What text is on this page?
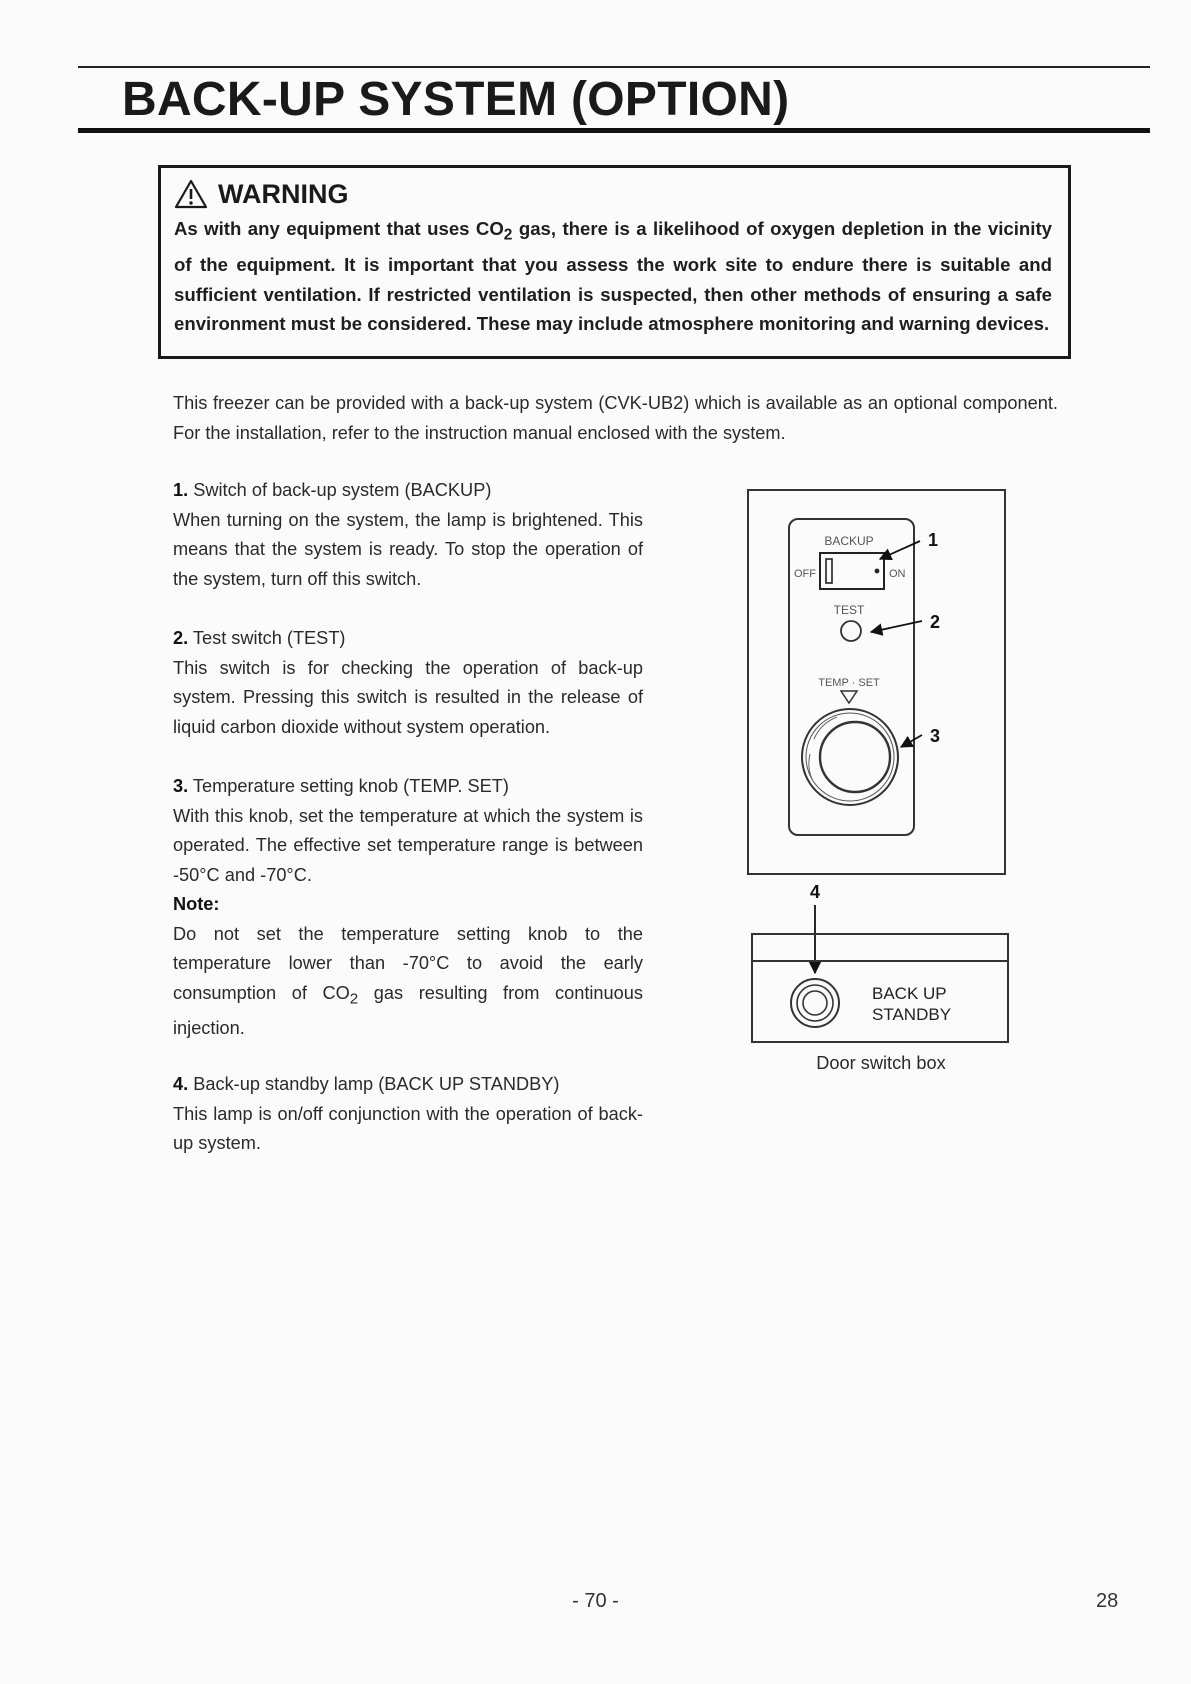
BACK-UP SYSTEM (OPTION)
WARNING
As with any equipment that uses $CO_2$ gas, there is a likelihood of oxygen depletion in the vicinity of the equipment. It is important that you assess the work site to endure there is suitable and sufficient ventilation. If restricted ventilation is suspected, then other methods of ensuring a safe environment must be considered. These may include atmosphere monitoring and warning devices.

This freezer can be provided with a back-up system (CVK-UB2) which is available as an optional component. For the installation, refer to the instruction manual enclosed with the system.

1. Switch of back-up system (BACKUP)

When turning on the system, the lamp is brightened. This means that the system is ready. To stop the operation of the system, turn off this switch.

2. Test switch (TEST)

This switch is for checking the operation of back-up system. Pressing this switch is resulted in the release of liquid carbon dioxide without system operation.

3. Temperature setting knob (TEMP. SET)

With this knob, set the temperature at which the system is operated. The effective set temperature range is between -50°C and -70°C.

Note:

Do not set the temperature setting knob to the temperature lower than -70°C to avoid the early consumption of $CO_2$ gas resulting from continuous injection.

4. Back-up standby lamp (BACK UP STANDBY)

This lamp is on/off conjunction with the operation of back-up system.

BACKUP
OFF	ON
TEST
TEMP · SET
1
2
3
4
BACK UP
STANDBY
Door switch box
- 70 -	28
